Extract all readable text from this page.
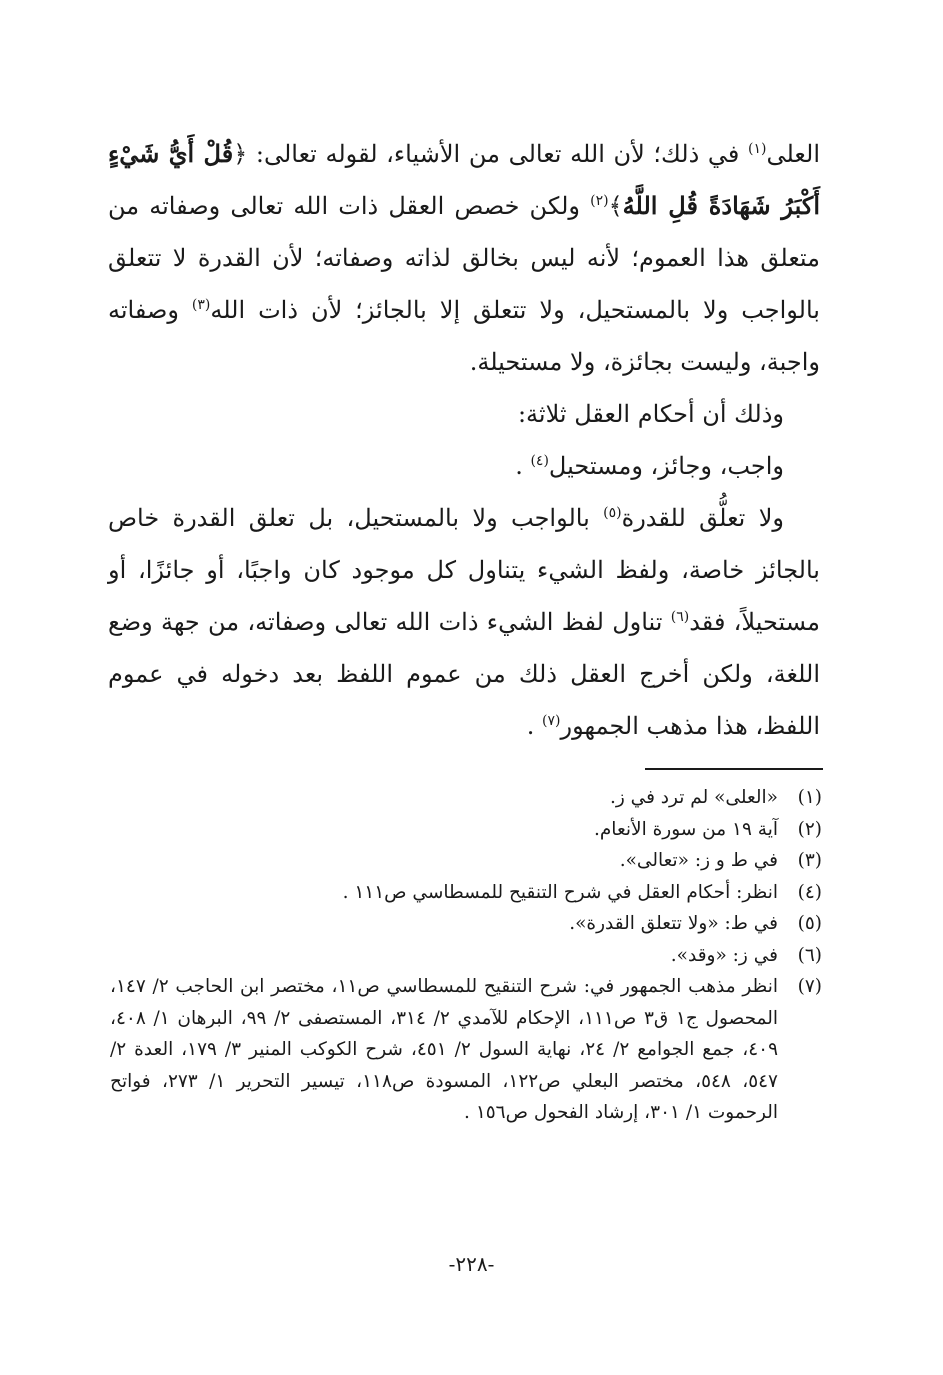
العلى$^{(١)}$ في ذلك؛ لأن الله تعالى من الأشياء، لقوله تعالى: ﴿قُلْ أَيُّ شَيْءٍ أَكْبَرُ شَهَادَةً قُلِ اللَّهُ﴾$^{(٢)}$ ولكن خصص العقل ذات الله تعالى وصفاته من متعلق هذا العموم؛ لأنه ليس بخالق لذاته وصفاته؛ لأن القدرة لا تتعلق بالواجب ولا بالمستحيل، ولا تتعلق إلا بالجائز؛ لأن ذات الله$^{(٣)}$ وصفاته واجبة، وليست بجائزة، ولا مستحيلة.

وذلك أن أحكام العقل ثلاثة:

واجب، وجائز، ومستحيل$^{(٤)}$ .

ولا تعلُّق للقدرة$^{(٥)}$ بالواجب ولا بالمستحيل، بل تعلق القدرة خاص بالجائز خاصة، ولفظ الشيء يتناول كل موجود كان واجبًا، أو جائزًا، أو مستحيلاً، فقد$^{(٦)}$ تناول لفظ الشيء ذات الله تعالى وصفاته، من جهة وضع اللغة، ولكن أخرج العقل ذلك من عموم اللفظ بعد دخوله في عموم اللفظ، هذا مذهب الجمهور$^{(٧)}$ .

(١)
«العلى» لم ترد في ز.
(٢)
آية ١٩ من سورة الأنعام.
(٣)
في ط و ز: «تعالى».
(٤)
انظر: أحكام العقل في شرح التنقيح للمسطاسي ص١١١ .
(٥)
في ط: «ولا تتعلق القدرة».
(٦)
في ز: «وقد».
(٧)
انظر مذهب الجمهور في: شرح التنقيح للمسطاسي ص١١، مختصر ابن الحاجب ٢/ ١٤٧، المحصول ج١ ق٣ ص١١١، الإحكام للآمدي ٢/ ٣١٤، المستصفى ٢/ ٩٩، البرهان ١/ ٤٠٨، ٤٠٩، جمع الجوامع ٢/ ٢٤، نهاية السول ٢/ ٤٥١، شرح الكوكب المنير ٣/ ١٧٩، العدة ٢/ ٥٤٧، ٥٤٨، مختصر البعلي ص١٢٢، المسودة ص١١٨، تيسير التحرير ١/ ٢٧٣، فواتح الرحموت ١/ ٣٠١، إرشاد الفحول ص١٥٦ .
-٢٢٨-
